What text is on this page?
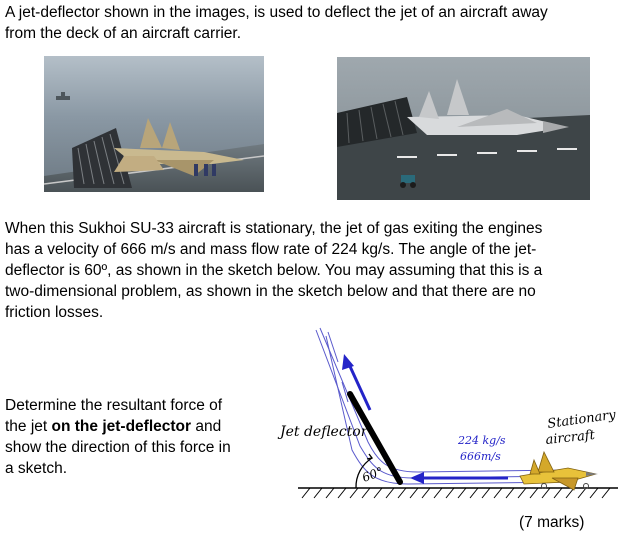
A jet-deflector shown in the images, is used to deflect the jet of an aircraft away
from the deck of an aircraft carrier.
When this Sukhoi SU-33 aircraft is stationary, the jet of gas exiting the engines
has a velocity of 666 m/s and mass flow rate of 224 kg/s. The angle of the jet-
deflector is 60º, as shown in the sketch below. You may assuming that this is a
two-dimensional problem, as shown in the sketch below and that there are no
friction losses.
Determine the resultant force of
the jet on the jet-deflector and
show the direction of this force in
a sketch.	60°
Jet deflector
224 kg/s
666m/s
Stationary
aircraft
(7 marks)
